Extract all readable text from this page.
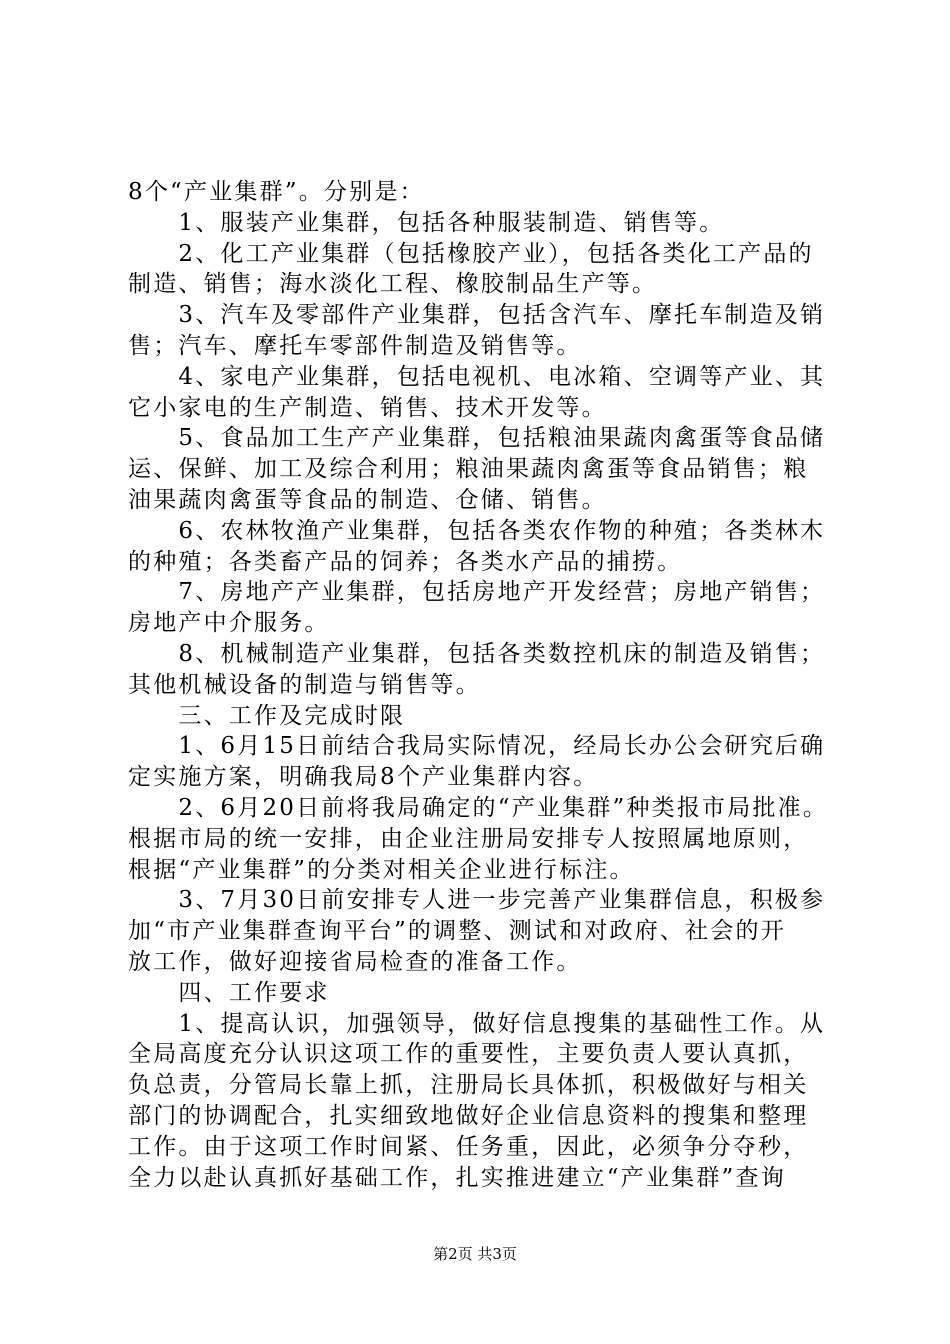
8个“产业集群”。分别是：
　　1、服装产业集群，包括各种服装制造、销售等。
　　2、化工产业集群（包括橡胶产业），包括各类化工产品的
制造、销售；海水淡化工程、橡胶制品生产等。
　　3、汽车及零部件产业集群，包括含汽车、摩托车制造及销
售；汽车、摩托车零部件制造及销售等。
　　4、家电产业集群，包括电视机、电冰箱、空调等产业、其
它小家电的生产制造、销售、技术开发等。
　　5、食品加工生产产业集群，包括粮油果蔬肉禽蛋等食品储
运、保鲜、加工及综合利用；粮油果蔬肉禽蛋等食品销售；粮
油果蔬肉禽蛋等食品的制造、仓储、销售。
　　6、农林牧渔产业集群，包括各类农作物的种殖；各类林木
的种殖；各类畜产品的饲养；各类水产品的捕捞。
　　7、房地产产业集群，包括房地产开发经营；房地产销售；
房地产中介服务。
　　8、机械制造产业集群，包括各类数控机床的制造及销售；
其他机械设备的制造与销售等。
　　三、工作及完成时限
　　1、6月15日前结合我局实际情况，经局长办公会研究后确
定实施方案，明确我局8个产业集群内容。
　　2、6月20日前将我局确定的“产业集群”种类报市局批准。
根据市局的统一安排，由企业注册局安排专人按照属地原则，
根据“产业集群”的分类对相关企业进行标注。
　　3、7月30日前安排专人进一步完善产业集群信息，积极参
加“市产业集群查询平台”的调整、测试和对政府、社会的开
放工作，做好迎接省局检查的准备工作。
　　四、工作要求
　　1、提高认识，加强领导，做好信息搜集的基础性工作。从
全局高度充分认识这项工作的重要性，主要负责人要认真抓，
负总责，分管局长靠上抓，注册局长具体抓，积极做好与相关
部门的协调配合，扎实细致地做好企业信息资料的搜集和整理
工作。由于这项工作时间紧、任务重，因此，必须争分夺秒，
全力以赴认真抓好基础工作，扎实推进建立“产业集群”查询
第2页 共3页
